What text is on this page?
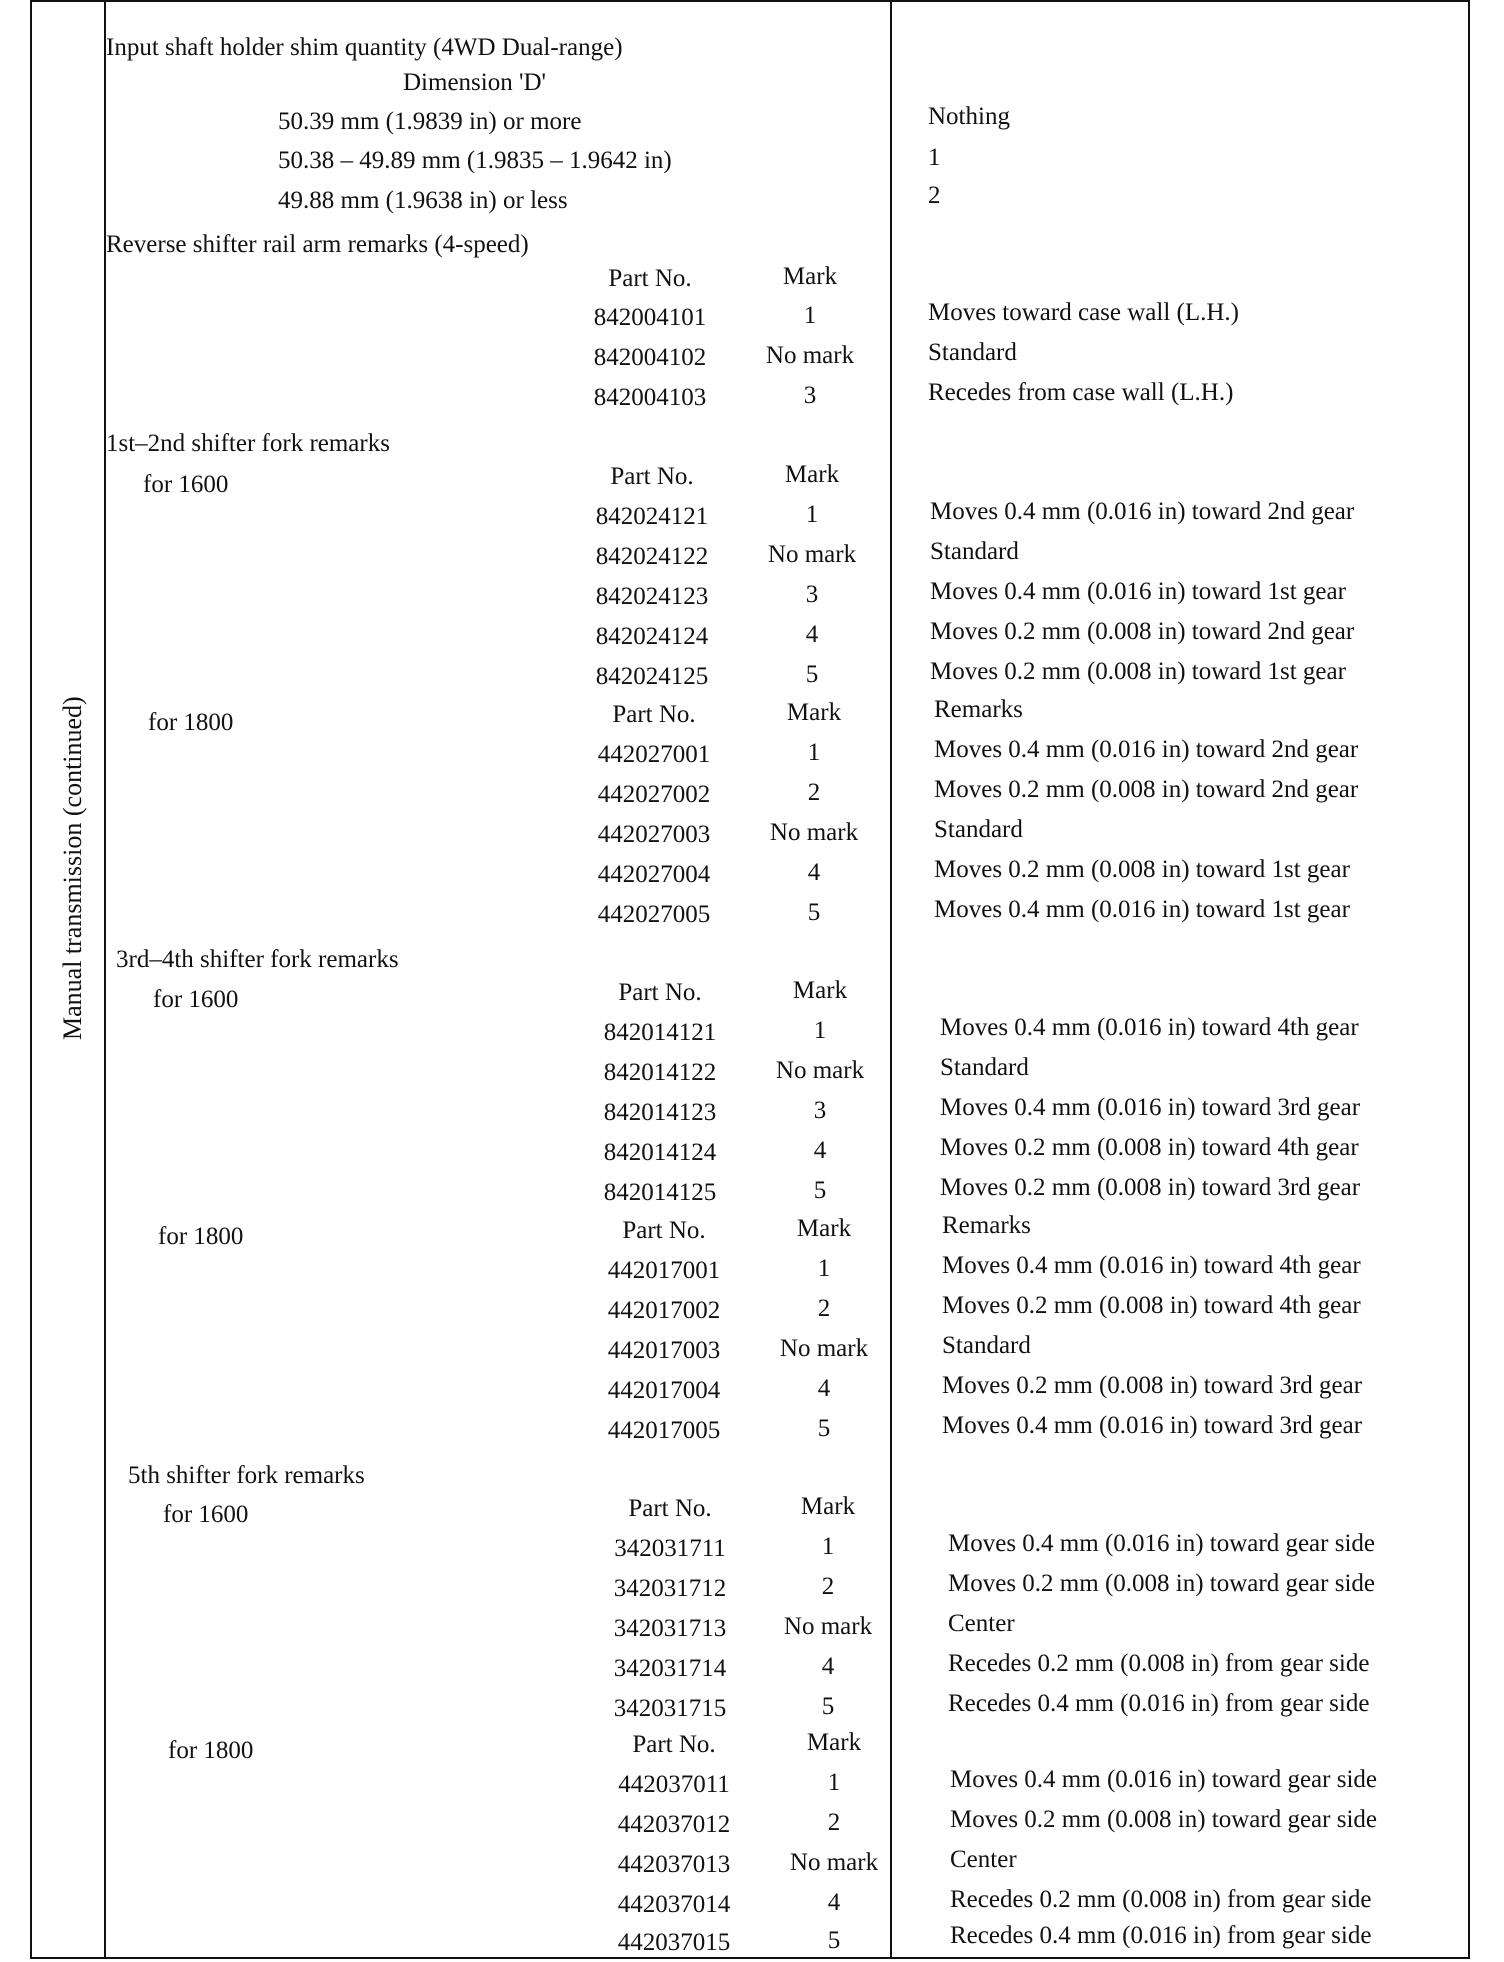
Manual transmission (continued)
Input shaft holder shim quantity (4WD Dual-range)
Dimension 'D'
50.39 mm (1.9839 in) or more	Nothing
50.38 – 49.89 mm (1.9835 – 1.9642 in)	1
49.88 mm (1.9638 in) or less	2
Reverse shifter rail arm remarks (4-speed)
Part No.	Mark
842004101	1	Moves toward case wall (L.H.)
842004102	No mark	Standard
842004103	3	Recedes from case wall (L.H.)
1st–2nd shifter fork remarks
for 1600	Part No.	Mark
842024121	1	Moves 0.4 mm (0.016 in) toward 2nd gear
842024122	No mark	Standard
842024123	3	Moves 0.4 mm (0.016 in) toward 1st gear
842024124	4	Moves 0.2 mm (0.008 in) toward 2nd gear
842024125	5	Moves 0.2 mm (0.008 in) toward 1st gear
for 1800	Part No.	Mark	Remarks
442027001	1	Moves 0.4 mm (0.016 in) toward 2nd gear
442027002	2	Moves 0.2 mm (0.008 in) toward 2nd gear
442027003	No mark	Standard
442027004	4	Moves 0.2 mm (0.008 in) toward 1st gear
442027005	5	Moves 0.4 mm (0.016 in) toward 1st gear
3rd–4th shifter fork remarks
for 1600	Part No.	Mark
842014121	1	Moves 0.4 mm (0.016 in) toward 4th gear
842014122	No mark	Standard
842014123	3	Moves 0.4 mm (0.016 in) toward 3rd gear
842014124	4	Moves 0.2 mm (0.008 in) toward 4th gear
842014125	5	Moves 0.2 mm (0.008 in) toward 3rd gear
for 1800	Part No.	Mark	Remarks
442017001	1	Moves 0.4 mm (0.016 in) toward 4th gear
442017002	2	Moves 0.2 mm (0.008 in) toward 4th gear
442017003	No mark	Standard
442017004	4	Moves 0.2 mm (0.008 in) toward 3rd gear
442017005	5	Moves 0.4 mm (0.016 in) toward 3rd gear
5th shifter fork remarks
for 1600	Part No.	Mark
342031711	1	Moves 0.4 mm (0.016 in) toward gear side
342031712	2	Moves 0.2 mm (0.008 in) toward gear side
342031713	No mark	Center
342031714	4	Recedes 0.2 mm (0.008 in) from gear side
342031715	5	Recedes 0.4 mm (0.016 in) from gear side
for 1800	Part No.	Mark
442037011	1	Moves 0.4 mm (0.016 in) toward gear side
442037012	2	Moves 0.2 mm (0.008 in) toward gear side
442037013	No mark	Center
442037014	4	Recedes 0.2 mm (0.008 in) from gear side
442037015	5	Recedes 0.4 mm (0.016 in) from gear side
